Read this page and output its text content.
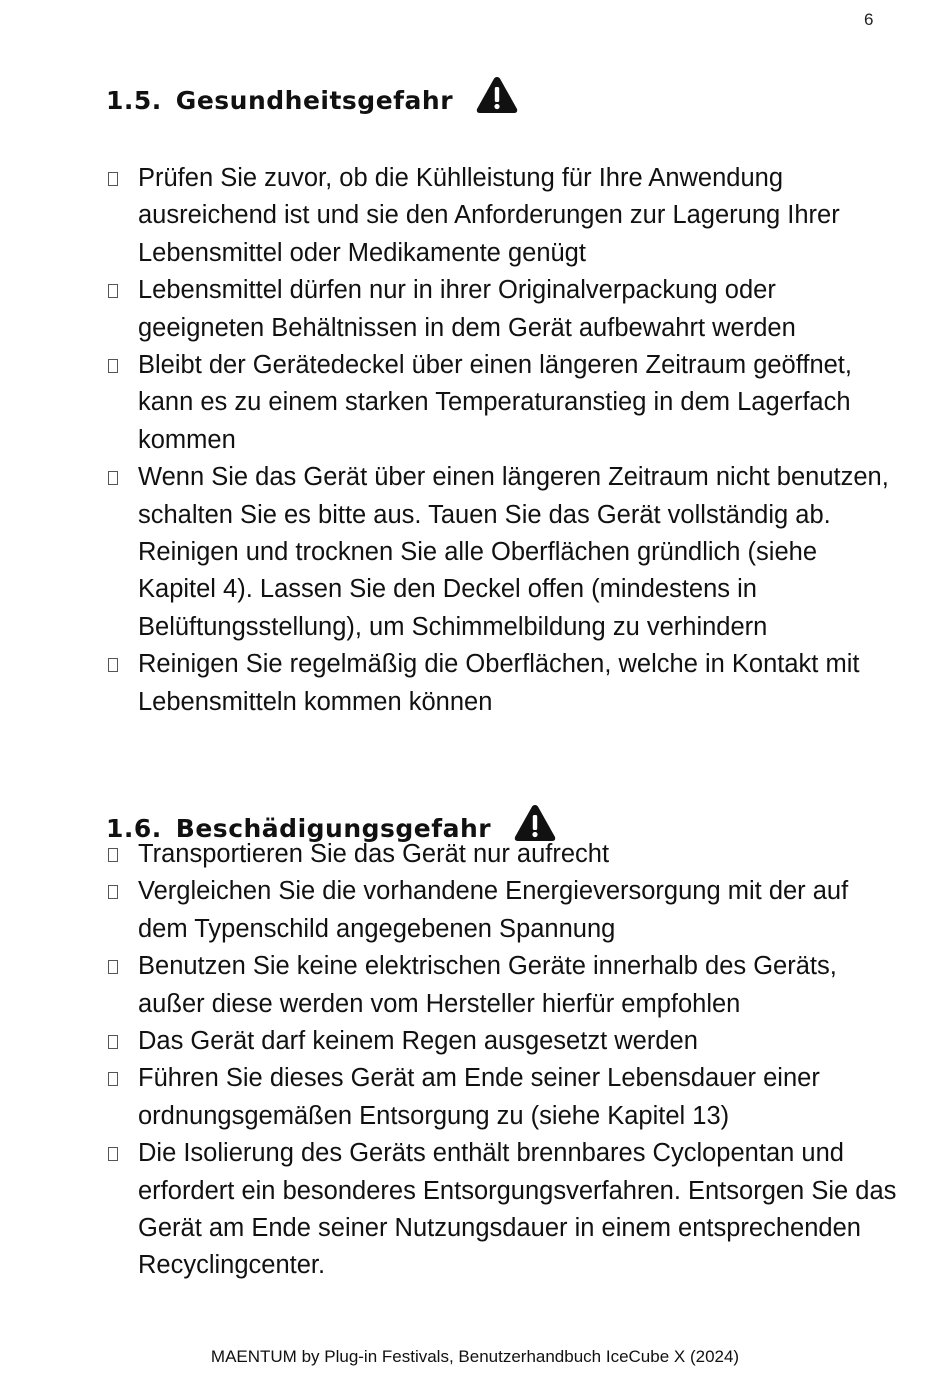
6
1.5. Gesundheitsgefahr
Prüfen Sie zuvor, ob die Kühlleistung für Ihre Anwendung ausreichend ist und sie den Anforderungen zur Lagerung Ihrer Lebensmittel oder Medikamente genügt
Lebensmittel dürfen nur in ihrer Originalverpackung oder geeigneten Behältnissen in dem Gerät aufbewahrt werden
Bleibt der Gerätedeckel über einen längeren Zeitraum geöffnet, kann es zu einem starken Temperaturanstieg in dem Lagerfach kommen
Wenn Sie das Gerät über einen längeren Zeitraum nicht benutzen, schalten Sie es bitte aus. Tauen Sie das Gerät vollständig ab. Reinigen und trocknen Sie alle Oberflächen gründlich (siehe Kapitel 4). Lassen Sie den Deckel offen (mindestens in Belüftungsstellung), um Schimmelbildung zu verhindern
Reinigen Sie regelmäßig die Oberflächen, welche in Kontakt mit Lebensmitteln kommen können
1.6. Beschädigungsgefahr
Transportieren Sie das Gerät nur aufrecht
Vergleichen Sie die vorhandene Energieversorgung mit der auf dem Typenschild angegebenen Spannung
Benutzen Sie keine elektrischen Geräte innerhalb des Geräts, außer diese werden vom Hersteller hierfür empfohlen
Das Gerät darf keinem Regen ausgesetzt werden
Führen Sie dieses Gerät am Ende seiner Lebensdauer einer ordnungsgemäßen Entsorgung zu (siehe Kapitel 13)
Die Isolierung des Geräts enthält brennbares Cyclopentan und erfordert ein besonderes Entsorgungsverfahren. Entsorgen Sie das Gerät am Ende seiner Nutzungsdauer in einem entsprechenden Recyclingcenter.
MAENTUM by Plug-in Festivals, Benutzerhandbuch IceCube X (2024)
